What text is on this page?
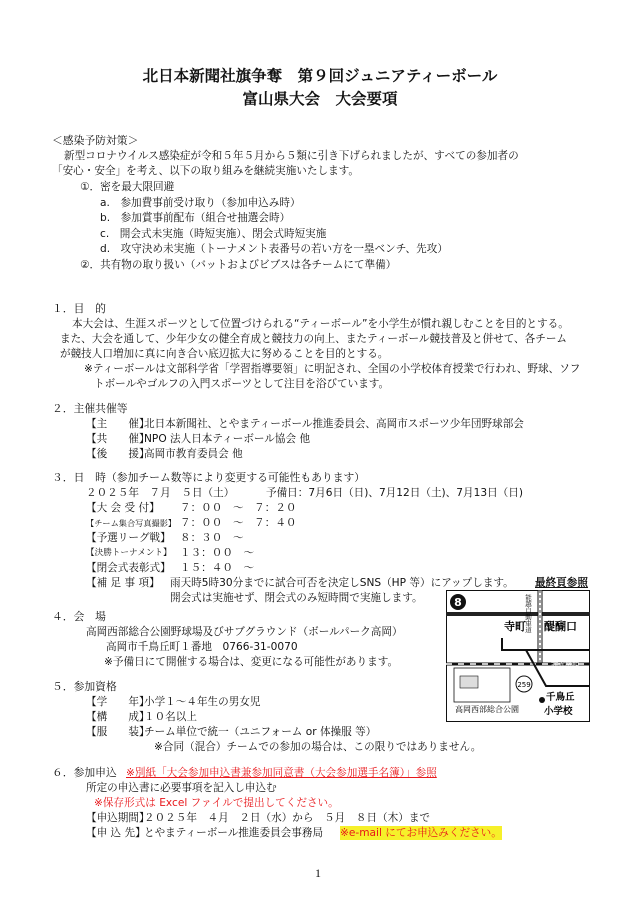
北日本新聞社旗争奪　第９回ジュニアティーボール
富山県大会　大会要項
＜感染予防対策＞
新型コロナウイルス感染症が令和５年５月から５類に引き下げられましたが、すべての参加者の
「安心・安全」を考え、以下の取り組みを継続実施いたします。
①．密を最大限回避
a.　参加費事前受け取り（参加申込み時）
b.　参加賞事前配布（組合せ抽選会時）
c.　開会式未実施（時短実施）、閉会式時短実施
d.　攻守決め未実施（トーナメント表番号の若い方を一塁ベンチ、先攻）
②．共有物の取り扱い（バットおよびビブスは各チームにて準備）
１．目　的
本大会は、生涯スポーツとして位置づけられる“ティーボール”を小学生が慣れ親しむことを目的とする。
また、大会を通して、少年少女の健全育成と競技力の向上、またティーボール競技普及と併せて、各チーム
が競技人口増加に真に向き合い底辺拡大に努めることを目的とする。
※ティーボールは文部科学省「学習指導要領」に明記され、全国の小学校体育授業で行われ、野球、ソフ
トボールやゴルフの入門スポーツとして注目を浴びています。
２．主催共催等
【主　　催】
北日本新聞社、とやまティーボール推進委員会、高岡市スポーツ少年団野球部会
【共　　催】
NPO 法人日本ティーボール協会 他
【後　　援】
高岡市教育委員会 他
３．日　時（参加チーム数等により変更する可能性もあります）
２０２５年　７月　５日（土）	予備日：7月6日（日)、7月12日（土)、7月13日（日)
【大 会 受 付】 ７：００　～　７：２０
【チーム集合写真撮影】 ７：００　～　７：４０
【予選リーグ戦】 ８：３０　～
【決勝トーナメント】 １３：００　～
【閉会式表彰式】 １５：４０　～
【補 足 事 項】 雨天時5時30分までに試合可否を決定しSNS（HP 等）にアップします。 最終頁参照
開会式は実施せず、閉会式のみ短時間で実施します。
４．会　場
高岡西部総合公園野球場及びサブグラウンド（ボールパーク高岡）
高岡市千鳥丘町１番地　0766-31-0070
※予備日にて開催する場合は、変更になる可能性があります。
8
259
寺町 醍醐口
西高岡駅
高岡西部総合公園
千鳥丘
小学校
能越自動車道
５．参加資格
【学　　年】
小学１～４年生の男女児
【構　　成】
１０名以上
【服　　装】
チーム単位で統一（ユニフォーム or 体操服 等）
※合同（混合）チームでの参加の場合は、この限りではありません。
６．参加申込 ※別紙「大会参加申込書兼参加同意書（大会参加選手名簿）」参照
所定の申込書に必要事項を記入し申込む
※保存形式は Excel ファイルで提出してください。
【申込期間】
２０２５年　４月　２日（水）から　５月　８日（木）まで
【申 込 先】
とやまティーボール推進委員会事務局 ※e-mail にてお申込みください。
1
